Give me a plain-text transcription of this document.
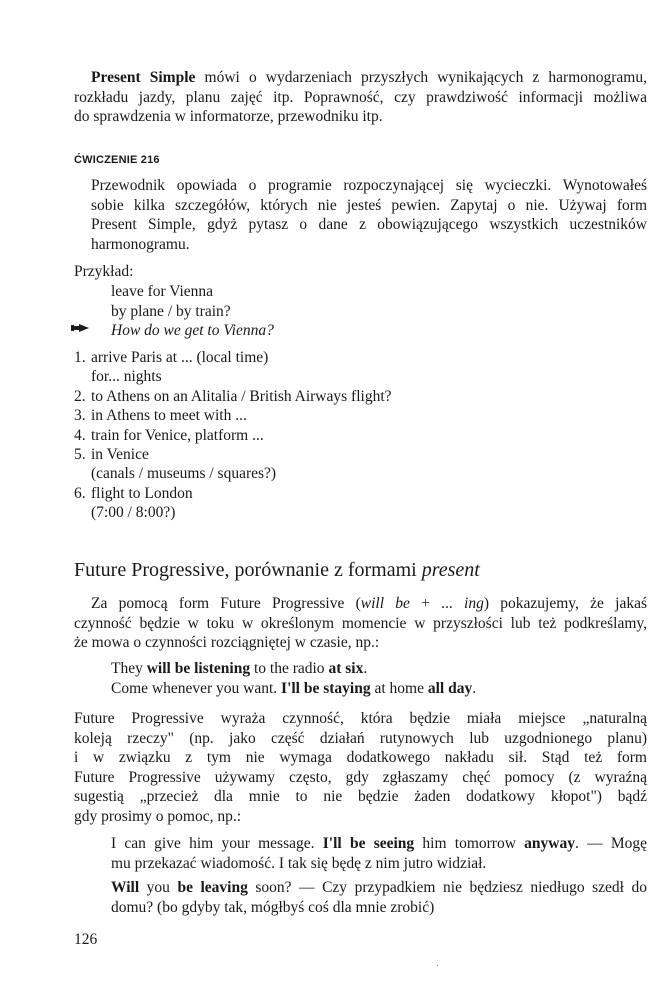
Present Simple mówi o wydarzeniach przyszłych wynikających z harmonogramu,
rozkładu jazdy, planu zajęć itp. Poprawność, czy prawdziwość informacji możliwa
do sprawdzenia w informatorze, przewodniku itp.
ĆWICZENIE 216
Przewodnik opowiada o programie rozpoczynającej się wycieczki. Wynotowałeś
sobie kilka szczegółów, których nie jesteś pewien. Zapytaj o nie. Używaj form
Present Simple, gdyż pytasz o dane z obowiązującego wszystkich uczestników
harmonogramu.
Przykład:
leave for Vienna
by plane / by train?
How do we get to Vienna?
1. arrive Paris at ... (local time)
for... nights
2. to Athens on an Alitalia / British Airways flight?
3. in Athens to meet with ...
4. train for Venice, platform ...
5. in Venice
(canals / museums / squares?)
6. flight to London
(7:00 / 8:00?)
Future Progressive, porównanie z formami present
Za pomocą form Future Progressive (will be + ... ing) pokazujemy, że jakaś
czynność będzie w toku w określonym momencie w przyszłości lub też podkreślamy,
że mowa o czynności rozciągniętej w czasie, np.:
They will be listening to the radio at six.
Come whenever you want. I'll be staying at home all day.
Future Progressive wyraża czynność, która będzie miała miejsce „naturalną
koleją rzeczy" (np. jako część działań rutynowych lub uzgodnionego planu)
i w związku z tym nie wymaga dodatkowego nakładu sił. Stąd też form
Future Progressive używamy często, gdy zgłaszamy chęć pomocy (z wyraźną
sugestią „przecież dla mnie to nie będzie żaden dodatkowy kłopot") bądź
gdy prosimy o pomoc, np.:
I can give him your message. I'll be seeing him tomorrow anyway. — Mogę
mu przekazać wiadomość. I tak się będę z nim jutro widział.
Will you be leaving soon? — Czy przypadkiem nie będziesz niedługo szedł do
domu? (bo gdyby tak, mógłbyś coś dla mnie zrobić)
126
